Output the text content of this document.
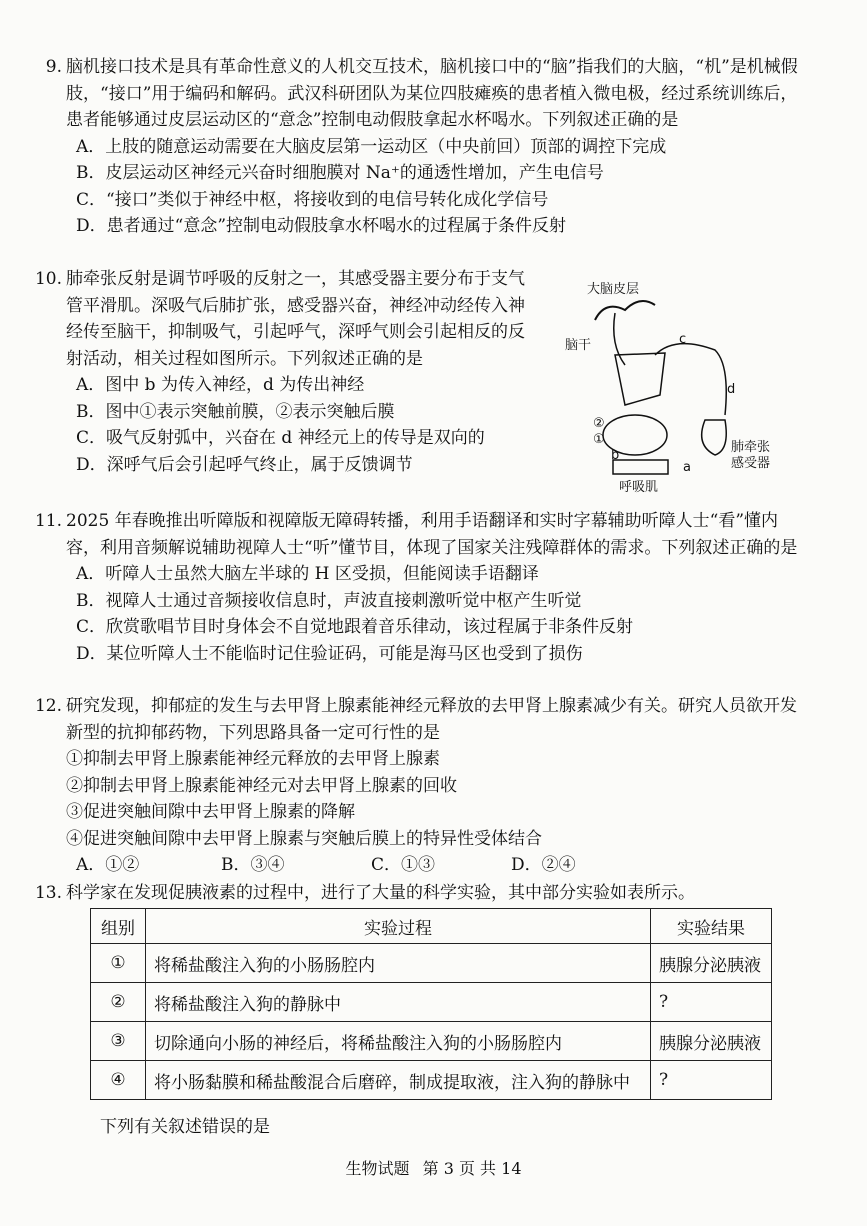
9. 脑机接口技术是具有革命性意义的人机交互技术，脑机接口中的“脑”指我们的大脑，“机”是机械假肢，“接口”用于编码和解码。武汉科研团队为某位四肢瘫痪的患者植入微电极，经过系统训练后，患者能够通过皮层运动区的“意念”控制电动假肢拿起水杯喝水。下列叙述正确的是
A．上肢的随意运动需要在大脑皮层第一运动区（中央前回）顶部的调控下完成
B．皮层运动区神经元兴奋时细胞膜对 Na⁺的通透性增加，产生电信号
C．“接口”类似于神经中枢，将接收到的电信号转化成化学信号
D．患者通过“意念”控制电动假肢拿水杯喝水的过程属于条件反射
10. 肺牵张反射是调节呼吸的反射之一，其感受器主要分布于支气管平滑肌。深吸气后肺扩张，感受器兴奋，神经冲动经传入神经传至脑干，抑制吸气，引起呼气，深呼气则会引起相反的反射活动，相关过程如图所示。下列叙述正确的是
A．图中 b 为传入神经，d 为传出神经
B．图中①表示突触前膜，②表示突触后膜
C．吸气反射弧中，兴奋在 d 神经元上的传导是双向的
D．深呼气后会引起呼气终止，属于反馈调节
大脑皮层
脑干	c
d
②
①
b
a
肺牵张
感受器
呼吸肌
11. 2025 年春晚推出听障版和视障版无障碍转播，利用手语翻译和实时字幕辅助听障人士“看”懂内容，利用音频解说辅助视障人士“听”懂节目，体现了国家关注残障群体的需求。下列叙述正确的是
A．听障人士虽然大脑左半球的 H 区受损，但能阅读手语翻译
B．视障人士通过音频接收信息时，声波直接刺激听觉中枢产生听觉
C．欣赏歌唱节目时身体会不自觉地跟着音乐律动，该过程属于非条件反射
D．某位听障人士不能临时记住验证码，可能是海马区也受到了损伤
12. 研究发现，抑郁症的发生与去甲肾上腺素能神经元释放的去甲肾上腺素减少有关。研究人员欲开发新型的抗抑郁药物，下列思路具备一定可行性的是
①抑制去甲肾上腺素能神经元释放的去甲肾上腺素
②抑制去甲肾上腺素能神经元对去甲肾上腺素的回收
③促进突触间隙中去甲肾上腺素的降解
④促进突触间隙中去甲肾上腺素与突触后膜上的特异性受体结合
A．①②	B．③④	C．①③	D．②④
13. 科学家在发现促胰液素的过程中，进行了大量的科学实验，其中部分实验如表所示。
组别	实验过程	实验结果
①	将稀盐酸注入狗的小肠肠腔内	胰腺分泌胰液
②	将稀盐酸注入狗的静脉中	?
③	切除通向小肠的神经后，将稀盐酸注入狗的小肠肠腔内	胰腺分泌胰液
④	将小肠黏膜和稀盐酸混合后磨碎，制成提取液，注入狗的静脉中	?
下列有关叙述错误的是
生物试题 第 3 页 共 14
